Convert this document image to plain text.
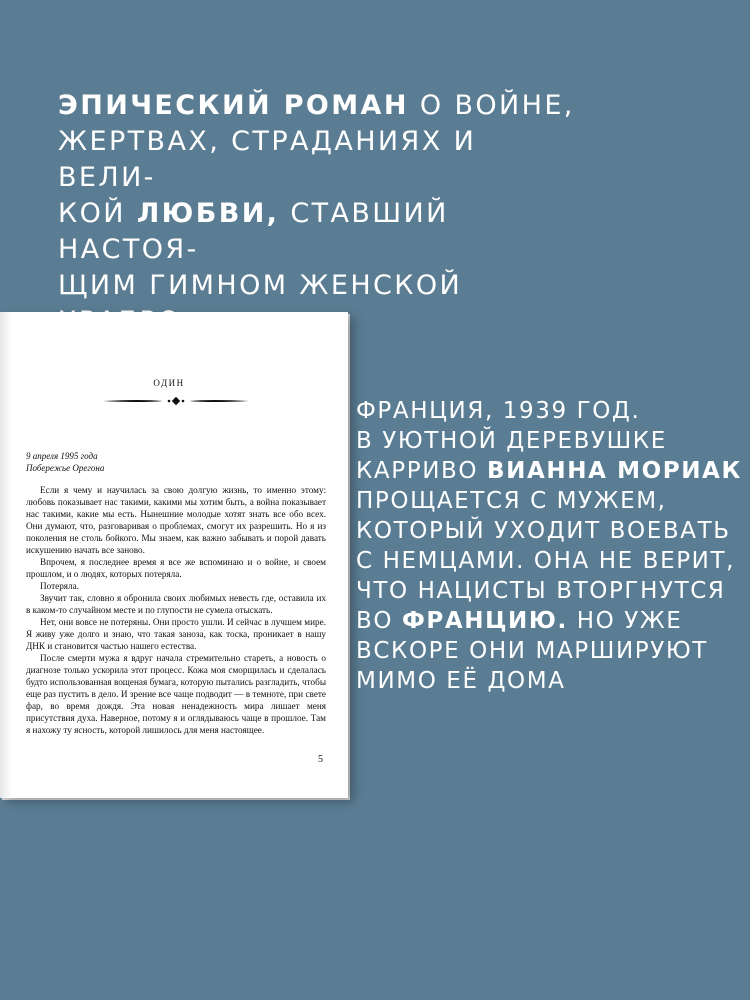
ЭПИЧЕСКИЙ РОМАН О ВОЙНЕ,
ЖЕРТВАХ, СТРАДАНИЯХ И ВЕЛИ-
КОЙ ЛЮБВИ, СТАВШИЙ НАСТОЯ-
ЩИМ ГИМНОМ ЖЕНСКОЙ
ОДИН
9 апреля 1995 года
Побережье Орегона

Если я чему и научилась за свою долгую жизнь, то именно этому: любовь показывает нас такими, какими мы хотим быть, а война показывает нас такими, какие мы есть. Нынешние молодые хотят знать все обо всех. Они думают, что, разговаривая о проблемах, смогут их разрешить. Но я из поколения не столь бойкого. Мы знаем, как важно забывать и порой давать искушению начать все заново.

Впрочем, я последнее время я все же вспоминаю и о войне, и своем прошлом, и о людях, которых потеряла.

Потеряла.

Звучит так, словно я обронила своих любимых невесть где, оставила их в каком-то случайном месте и по глупости не сумела отыскать.

Нет, они вовсе не потеряны. Они просто ушли. И сейчас в лучшем мире. Я живу уже долго и знаю, что такая заноза, как тоска, проникает в нашу ДНК и становится частью нашего естества.

После смерти мужа я вдруг начала стремительно стареть, а новость о диагнозе только ускорила этот процесс. Кожа моя сморщилась и сделалась будто использованная вощеная бумага, которую пытались разгладить, чтобы еще раз пустить в дело. И зрение все чаще подводит — в темноте, при свете фар, во время дождя. Эта новая ненадежность мира лишает меня присутствия духа. Наверное, потому я и оглядываюсь чаще в прошлое. Там я нахожу ту ясность, которой лишилось для меня настоящее.

5
ФРАНЦИЯ, 1939 ГОД.
В УЮТНОЙ ДЕРЕВУШКЕ
КАРРИВО ВИАННА МОРИАК
ПРОЩАЕТСЯ С МУЖЕМ,
КОТОРЫЙ УХОДИТ ВОЕВАТЬ
С НЕМЦАМИ. ОНА НЕ ВЕРИТ,
ЧТО НАЦИСТЫ ВТОРГНУТСЯ
ВО ФРАНЦИЮ. НО УЖЕ
ВСКОРЕ ОНИ МАРШИРУЮТ
МИМО ЕЁ ДОМА
